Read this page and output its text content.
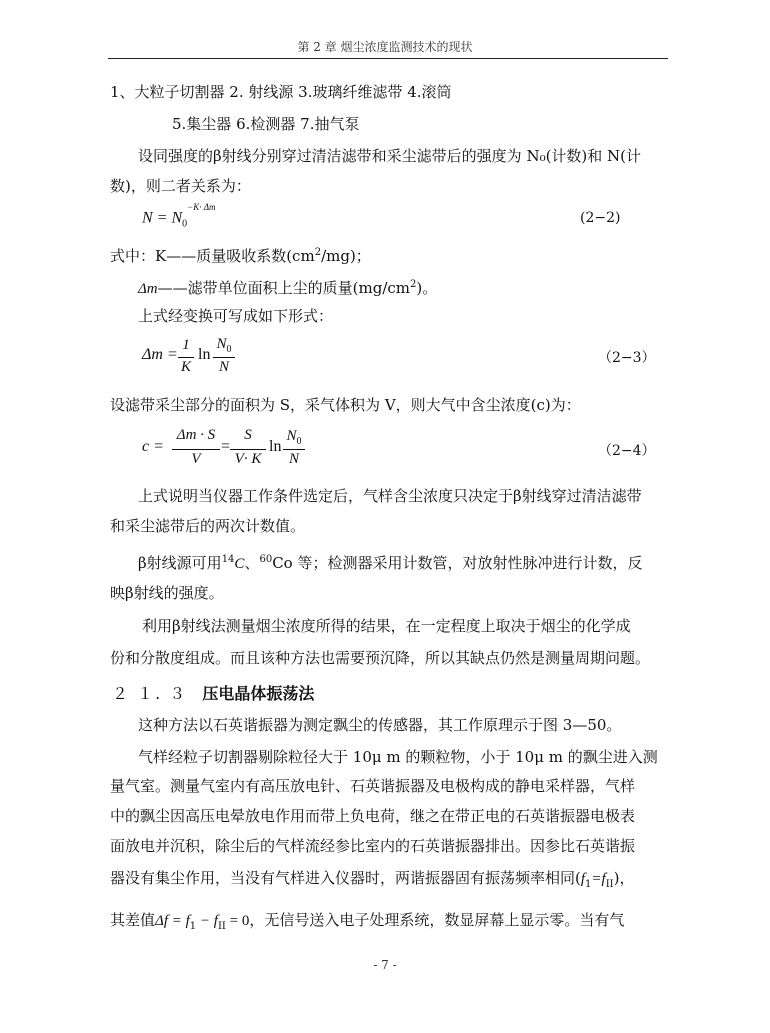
第 2 章 烟尘浓度监测技术的现状
1、大粒子切割器 2. 射线源 3.玻璃纤维滤带 4.滚筒
5.集尘器 6.检测器 7.抽气泵
设同强度的β射线分别穿过清洁滤带和采尘滤带后的强度为 N₀(计数)和 N(计
数)，则二者关系为：
$N = N_0^{-K\cdot \Delta m}$
(2−2)
式中：K——质量吸收系数$(cm^2/mg)$；
Δm——滤带单位面积上尘的质量$(mg/cm^2)$。
上式经变换可写成如下形式：
Δm =
1
K
ln
$N_0$
N
（2−3）
设滤带采尘部分的面积为 S，采气体积为 V，则大气中含尘浓度(c)为：
c =
Δm · S
V
=
S
V· K
ln
$N_0$
N	（2−4）
上式说明当仪器工作条件选定后，气样含尘浓度只决定于β射线穿过清洁滤带
和采尘滤带后的两次计数值。
β射线源可用$^{14}$C、$^{60}$Co 等；检测器采用计数管，对放射性脉冲进行计数，反
映β射线的强度。
利用β射线法测量烟尘浓度所得的结果，在一定程度上取决于烟尘的化学成
份和分散度组成。而且该种方法也需要预沉降，所以其缺点仍然是测量周期问题。
２ １. ３ 压电晶体振荡法
这种方法以石英谐振器为测定飘尘的传感器，其工作原理示于图 3—50。
气样经粒子切割器剔除粒径大于 10μ m 的颗粒物，小于 10μ m 的飘尘进入测
量气室。测量气室内有高压放电针、石英谐振器及电极构成的静电采样器，气样
中的飘尘因高压电晕放电作用而带上负电荷，继之在带正电的石英谐振器电极表
面放电并沉积，除尘后的气样流经参比室内的石英谐振器排出。因参比石英谐振
器没有集尘作用，当没有气样进入仪器时，两谐振器固有振荡频率相同$(f_1=f_{II})$，
其差值$\Delta f = f_1 - f_{II} = 0$，无信号送入电子处理系统，数显屏幕上显示零。当有气
- 7 -
